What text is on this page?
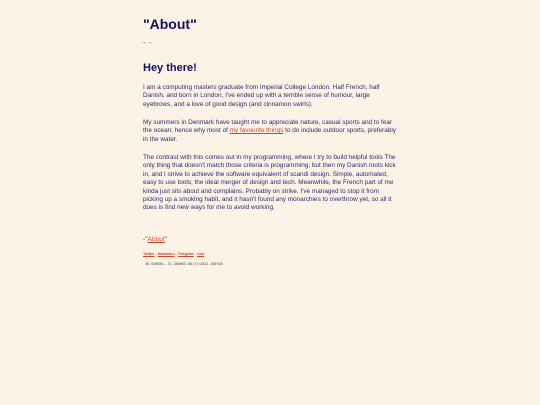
"About"
- -
Hey there!

I am a computing masters graduate from Imperial College London. Half French, half Danish, and born in London, I've ended up with a terrible sense of humour, large eyebrows, and a love of good design (and cinnamon swirls).

My summers in Denmark have taught me to appreciate nature, casual sports and to fear the ocean; hence why most of my favourite things to do include outdoor sports, preferably in the water.

The contrast with this comes out in my programming, where I try to build helpful tools The only thing that doesn't match those criteria is programming; but then my Danish roots kick in, and I strive to achieve the software equivalent of scandi design. Simple, automated, easy to use tools; the ideal merger of design and tech. Meanwhile, the French part of me kinda just sits about and complains. Probably on strike. I've managed to stop it from picking up a smoking habit, and it hasn't found any monarchies to overthrow yet, so all it does is find new ways for me to avoid working.

-"About"
Twitter - Mastodon - Telegram - Last
38.928856,-32.388603-08/17/2022-184928
